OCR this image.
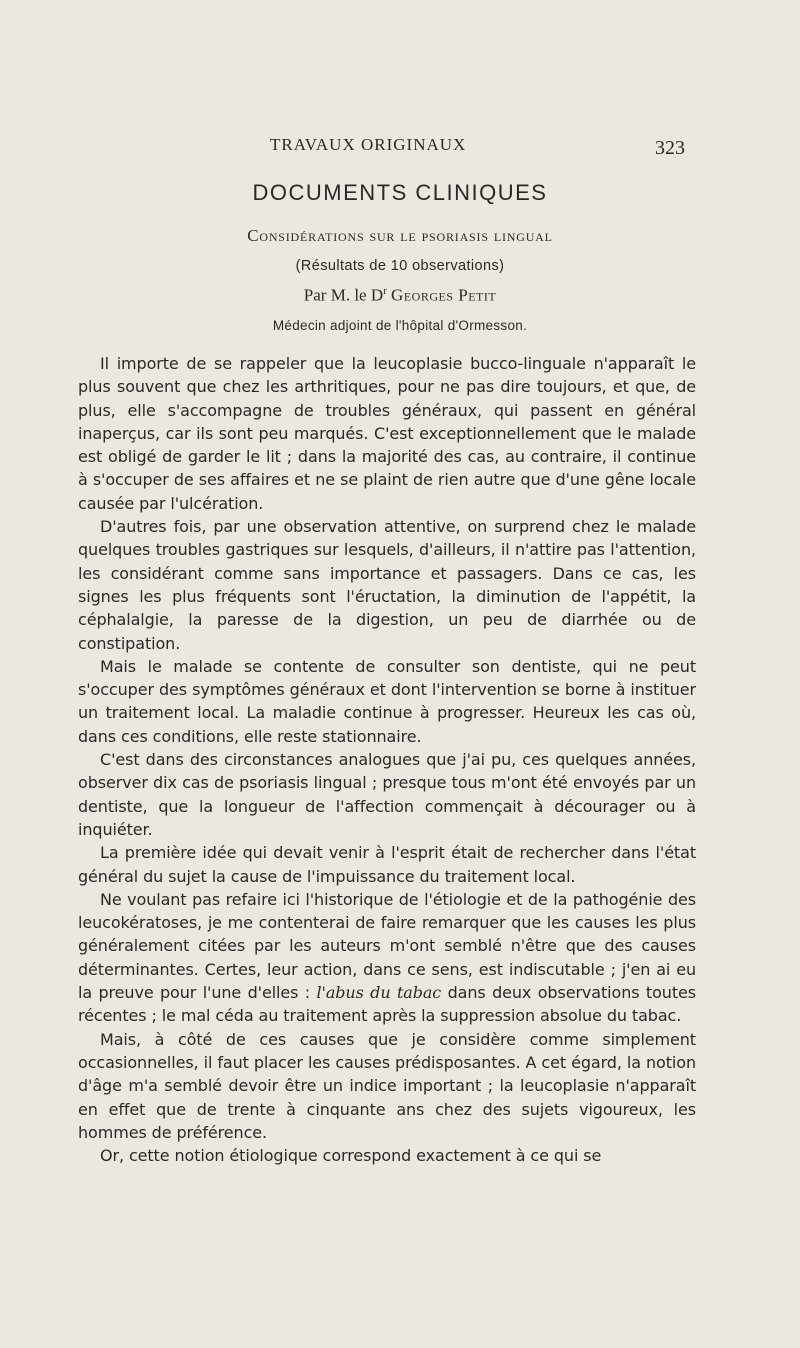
TRAVAUX ORIGINAUX	323
DOCUMENTS CLINIQUES
Considérations sur le psoriasis lingual
(Résultats de 10 observations)
Par M. le $D^r$ Georges Petit
Médecin adjoint de l'hôpital d'Ormesson.

Il importe de se rappeler que la leucoplasie bucco-linguale n'apparaît le plus souvent que chez les arthritiques, pour ne pas dire toujours, et que, de plus, elle s'accompagne de troubles généraux, qui passent en général inaperçus, car ils sont peu marqués. C'est exceptionnellement que le malade est obligé de garder le lit ; dans la majorité des cas, au contraire, il continue à s'occuper de ses affaires et ne se plaint de rien autre que d'une gêne locale causée par l'ulcération.

D'autres fois, par une observation attentive, on surprend chez le malade quelques troubles gastriques sur lesquels, d'ailleurs, il n'attire pas l'attention, les considérant comme sans importance et passagers. Dans ce cas, les signes les plus fréquents sont l'éructation, la diminution de l'appétit, la céphalalgie, la paresse de la digestion, un peu de diarrhée ou de constipation.

Mais le malade se contente de consulter son dentiste, qui ne peut s'occuper des symptômes généraux et dont l'intervention se borne à instituer un traitement local. La maladie continue à progresser. Heureux les cas où, dans ces conditions, elle reste stationnaire.

C'est dans des circonstances analogues que j'ai pu, ces quelques années, observer dix cas de psoriasis lingual ; presque tous m'ont été envoyés par un dentiste, que la longueur de l'affection commençait à décourager ou à inquiéter.

La première idée qui devait venir à l'esprit était de rechercher dans l'état général du sujet la cause de l'impuissance du traitement local.

Ne voulant pas refaire ici l'historique de l'étiologie et de la pathogénie des leucokératoses, je me contenterai de faire remarquer que les causes les plus généralement citées par les auteurs m'ont semblé n'être que des causes déterminantes. Certes, leur action, dans ce sens, est indiscutable ; j'en ai eu la preuve pour l'une d'elles : l'abus du tabac dans deux observations toutes récentes ; le mal céda au traitement après la suppression absolue du tabac.

Mais, à côté de ces causes que je considère comme simplement occasionnelles, il faut placer les causes prédisposantes. A cet égard, la notion d'âge m'a semblé devoir être un indice important ; la leucoplasie n'apparaît en effet que de trente à cinquante ans chez des sujets vigoureux, les hommes de préférence.

Or, cette notion étiologique correspond exactement à ce qui se
